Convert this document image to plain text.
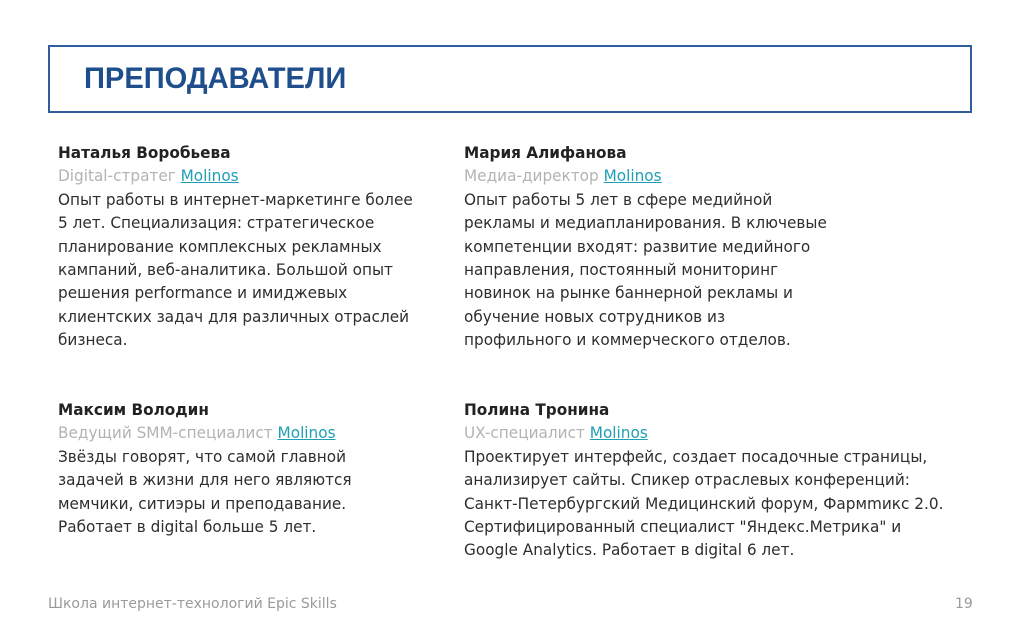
ПРЕПОДАВАТЕЛИ
Наталья Воробьева
Digital-стратег Molinos
Опыт работы в интернет-маркетинге более
5 лет. Специализация: стратегическое
планирование комплексных рекламных
кампаний, веб-аналитика. Большой опыт
решения performance и имиджевых
клиентских задач для различных отраслей
бизнеса.
Мария Алифанова
Медиа-директор Molinos
Опыт работы 5 лет в сфере медийной
рекламы и медиапланирования. В ключевые
компетенции входят: развитие медийного
направления, постоянный мониторинг
новинок на рынке баннерной рекламы и
обучение новых сотрудников из
профильного и коммерческого отделов.
Максим Володин
Ведущий SMM-специалист Molinos
Звёзды говорят, что самой главной
задачей в жизни для него являются
мемчики, ситиэры и преподавание.
Работает в digital больше 5 лет.
Полина Тронина
UX-специалист Molinos
Проектирует интерфейс, создает посадочные страницы,
анализирует сайты. Спикер отраслевых конференций:
Санкт-Петербургский Медицинский форум, Фармmикс 2.0.
Сертифицированный специалист "Яндекс.Метрика" и
Google Analytics. Работает в digital 6 лет.
Школа интернет-технологий Epic Skills	19
